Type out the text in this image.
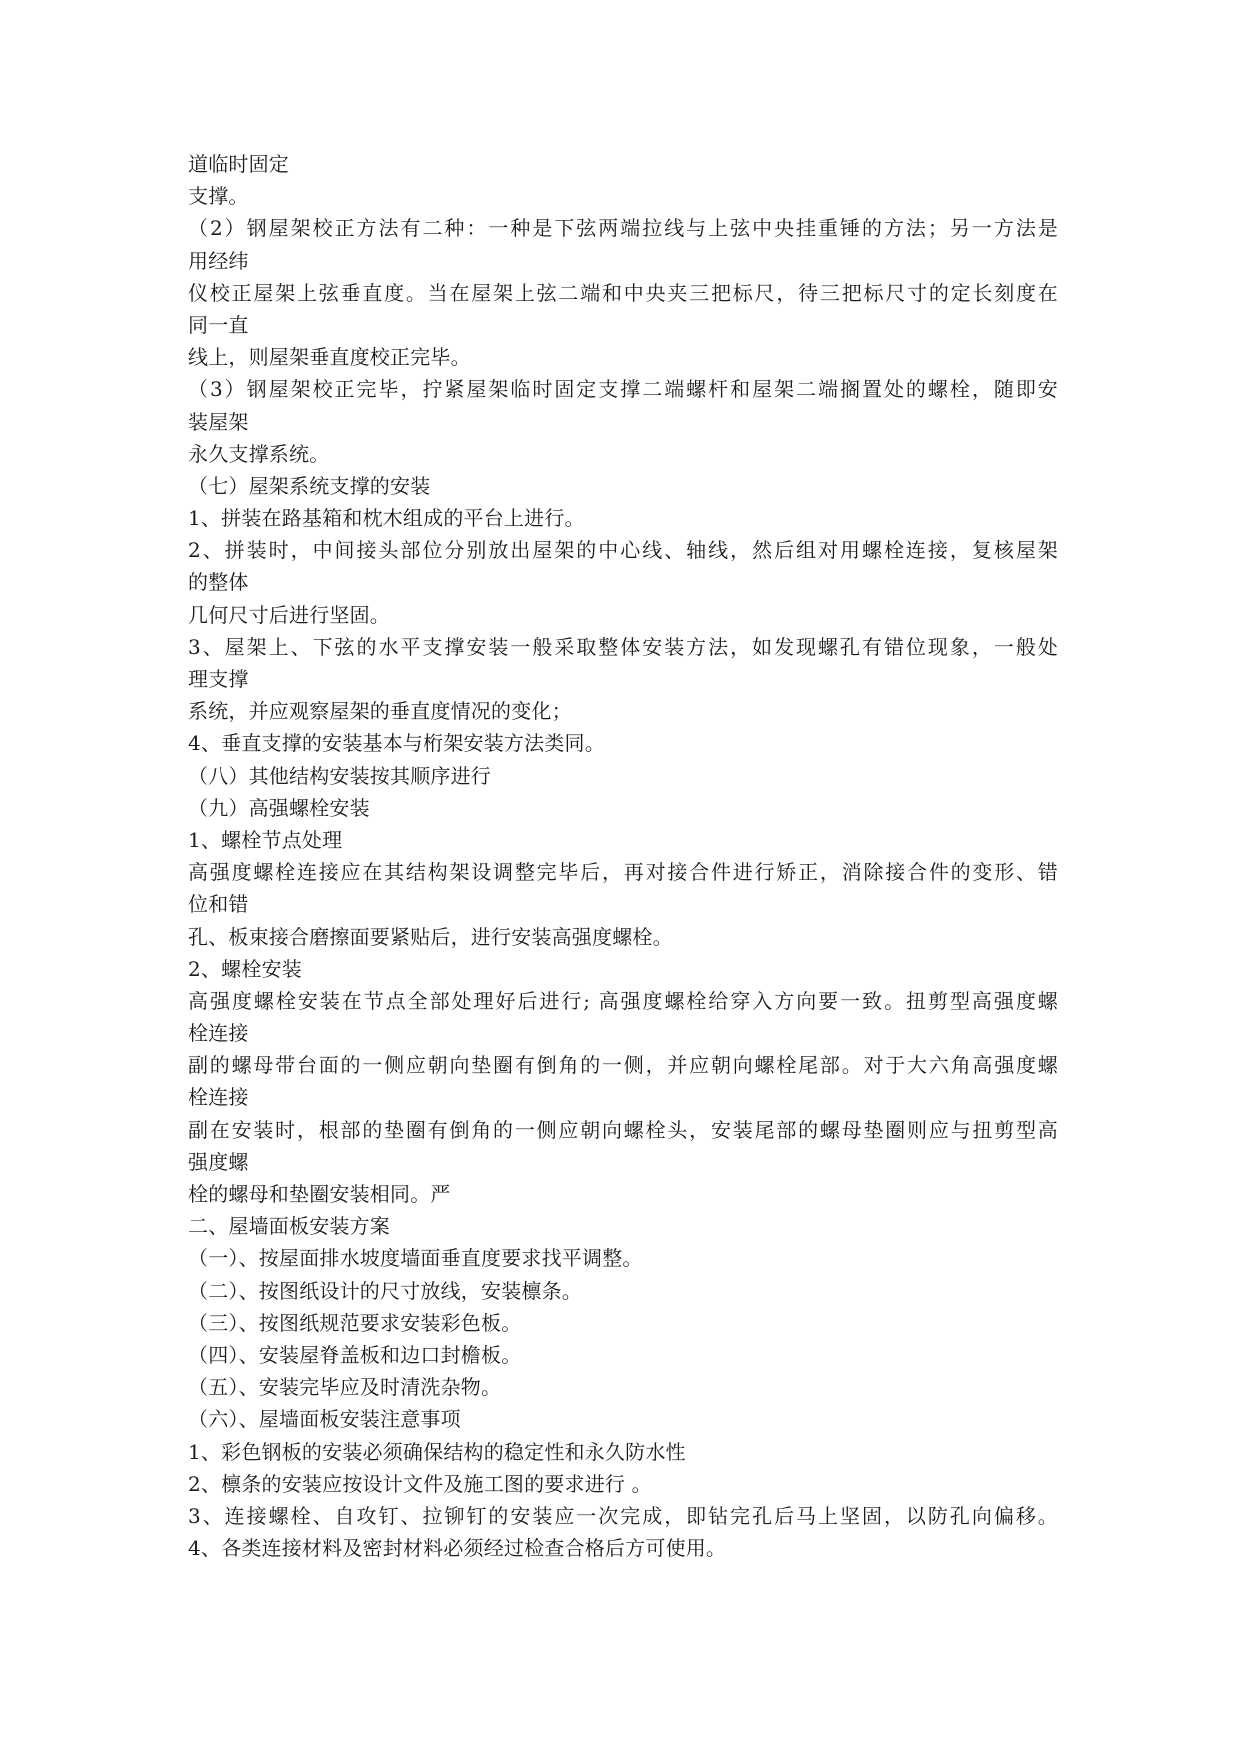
道临时固定
支撑。
（2）钢屋架校正方法有二种：一种是下弦两端拉线与上弦中央挂重锤的方法；另一方法是
用经纬
仪校正屋架上弦垂直度。当在屋架上弦二端和中央夹三把标尺，待三把标尺寸的定长刻度在
同一直
线上，则屋架垂直度校正完毕。
（3）钢屋架校正完毕，拧紧屋架临时固定支撑二端螺杆和屋架二端搁置处的螺栓，随即安
装屋架
永久支撑系统。
（七）屋架系统支撑的安装
1、拼装在路基箱和枕木组成的平台上进行。
2、拼装时，中间接头部位分别放出屋架的中心线、轴线，然后组对用螺栓连接，复核屋架
的整体
几何尺寸后进行坚固。
3、屋架上、下弦的水平支撑安装一般采取整体安装方法，如发现螺孔有错位现象，一般处
理支撑
系统，并应观察屋架的垂直度情况的变化；
4、垂直支撑的安装基本与桁架安装方法类同。
（八）其他结构安装按其顺序进行
（九）高强螺栓安装
1、螺栓节点处理
高强度螺栓连接应在其结构架设调整完毕后，再对接合件进行矫正，消除接合件的变形、错
位和错
孔、板束接合磨擦面要紧贴后，进行安装高强度螺栓。
2、螺栓安装
高强度螺栓安装在节点全部处理好后进行; 高强度螺栓给穿入方向要一致。扭剪型高强度螺
栓连接
副的螺母带台面的一侧应朝向垫圈有倒角的一侧，并应朝向螺栓尾部。对于大六角高强度螺
栓连接
副在安装时，根部的垫圈有倒角的一侧应朝向螺栓头，安装尾部的螺母垫圈则应与扭剪型高
强度螺
栓的螺母和垫圈安装相同。严
二、屋墙面板安装方案
（一）、按屋面排水坡度墙面垂直度要求找平调整。
（二）、按图纸设计的尺寸放线，安装檩条。
（三）、按图纸规范要求安装彩色板。
（四）、安装屋脊盖板和边口封檐板。
（五）、安装完毕应及时清洗杂物。
（六）、屋墙面板安装注意事项
1、彩色钢板的安装必须确保结构的稳定性和永久防水性
2、檩条的安装应按设计文件及施工图的要求进行 。
3、连接螺栓、自攻钉、拉铆钉的安装应一次完成，即钻完孔后马上坚固，以防孔向偏移。
4、各类连接材料及密封材料必须经过检查合格后方可使用。
